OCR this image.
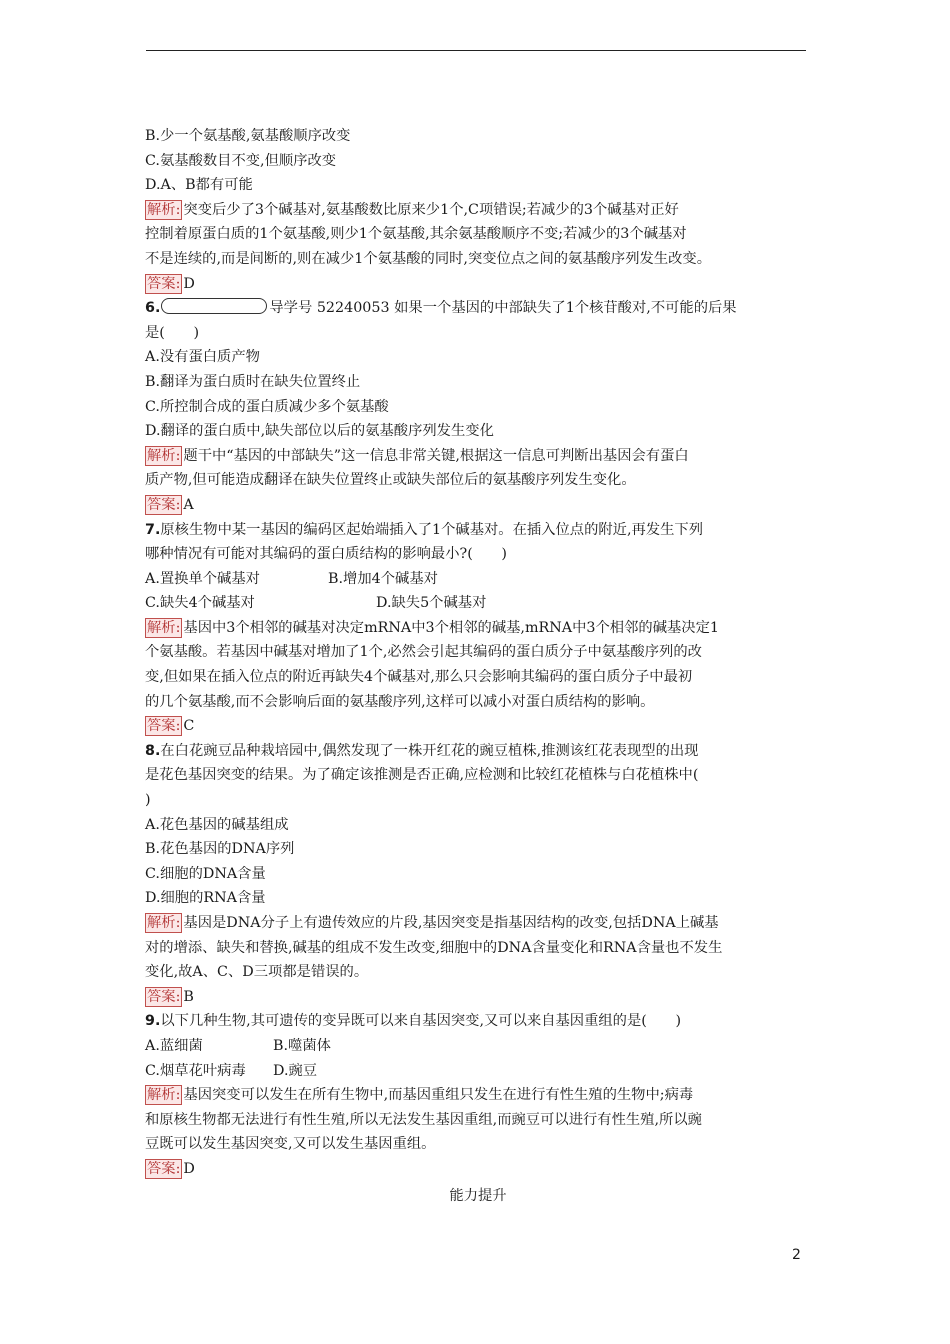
B.少一个氨基酸,氨基酸顺序改变
C.氨基酸数目不变,但顺序改变
D.A、B都有可能
解析: 突变后少了3个碱基对,氨基酸数比原来少1个,C项错误;若减少的3个碱基对正好
控制着原蛋白质的1个氨基酸,则少1个氨基酸,其余氨基酸顺序不变;若减少的3个碱基对
不是连续的,而是间断的,则在减少1个氨基酸的同时,突变位点之间的氨基酸序列发生改变。
答案: D
6.	导学号 52240053 如果一个基因的中部缺失了1个核苷酸对,不可能的后果
是(　　)
A.没有蛋白质产物
B.翻译为蛋白质时在缺失位置终止
C.所控制合成的蛋白质减少多个氨基酸
D.翻译的蛋白质中,缺失部位以后的氨基酸序列发生变化
解析: 题干中“基因的中部缺失”这一信息非常关键,根据这一信息可判断出基因会有蛋白
质产物,但可能造成翻译在缺失位置终止或缺失部位后的氨基酸序列发生变化。
答案: A
7.原核生物中某一基因的编码区起始端插入了1个碱基对。在插入位点的附近,再发生下列
哪种情况有可能对其编码的蛋白质结构的影响最小?(　　)
A.置换单个碱基对	B.增加4个碱基对
C.缺失4个碱基对	D.缺失5个碱基对
解析: 基因中3个相邻的碱基对决定mRNA中3个相邻的碱基,mRNA中3个相邻的碱基决定1
个氨基酸。若基因中碱基对增加了1个,必然会引起其编码的蛋白质分子中氨基酸序列的改
变,但如果在插入位点的附近再缺失4个碱基对,那么只会影响其编码的蛋白质分子中最初
的几个氨基酸,而不会影响后面的氨基酸序列,这样可以减小对蛋白质结构的影响。
答案: C
8.在白花豌豆品种栽培园中,偶然发现了一株开红花的豌豆植株,推测该红花表现型的出现
是花色基因突变的结果。为了确定该推测是否正确,应检测和比较红花植株与白花植株中(
)
A.花色基因的碱基组成
B.花色基因的DNA序列
C.细胞的DNA含量
D.细胞的RNA含量
解析: 基因是DNA分子上有遗传效应的片段,基因突变是指基因结构的改变,包括DNA上碱基
对的增添、缺失和替换,碱基的组成不发生改变,细胞中的DNA含量变化和RNA含量也不发生
变化,故A、C、D三项都是错误的。
答案: B
9.以下几种生物,其可遗传的变异既可以来自基因突变,又可以来自基因重组的是(　　)
A.蓝细菌	B.噬菌体
C.烟草花叶病毒 D.豌豆
解析: 基因突变可以发生在所有生物中,而基因重组只发生在进行有性生殖的生物中;病毒
和原核生物都无法进行有性生殖,所以无法发生基因重组,而豌豆可以进行有性生殖,所以豌
豆既可以发生基因突变,又可以发生基因重组。
答案: D
能力提升
2
